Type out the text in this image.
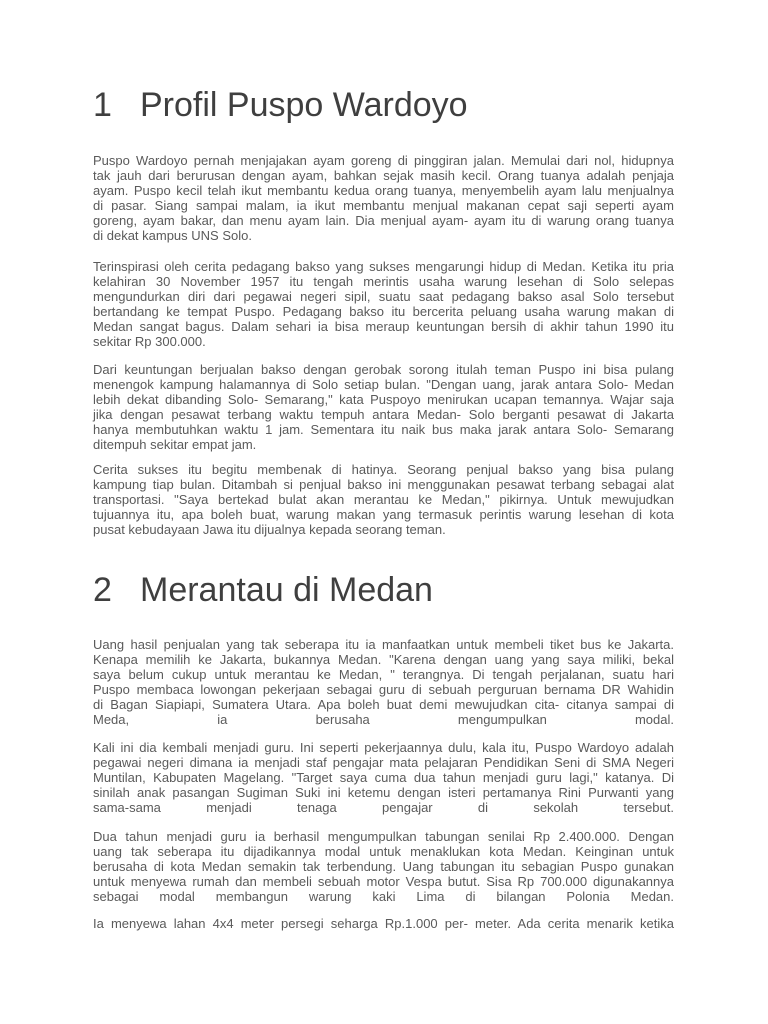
1 Profil Puspo Wardoyo
Puspo Wardoyo pernah menjajakan ayam goreng di pinggiran jalan. Memulai dari nol, hidupnya
tak jauh dari berurusan dengan ayam, bahkan sejak masih kecil. Orang tuanya adalah penjaja
ayam. Puspo kecil telah ikut membantu kedua orang tuanya, menyembelih ayam lalu menjualnya
di pasar. Siang sampai malam, ia ikut membantu menjual makanan cepat saji seperti ayam
goreng, ayam bakar, dan menu ayam lain. Dia menjual ayam- ayam itu di warung orang tuanya
di dekat kampus UNS Solo.
Terinspirasi oleh cerita pedagang bakso yang sukses mengarungi hidup di Medan. Ketika itu pria
kelahiran 30 November 1957 itu tengah merintis usaha warung lesehan di Solo selepas
mengundurkan diri dari pegawai negeri sipil, suatu saat pedagang bakso asal Solo tersebut
bertandang ke tempat Puspo. Pedagang bakso itu bercerita peluang usaha warung makan di
Medan sangat bagus. Dalam sehari ia bisa meraup keuntungan bersih di akhir tahun 1990 itu
sekitar Rp 300.000.
Dari keuntungan berjualan bakso dengan gerobak sorong itulah teman Puspo ini bisa pulang
menengok kampung halamannya di Solo setiap bulan. "Dengan uang, jarak antara Solo- Medan
lebih dekat dibanding Solo- Semarang," kata Puspoyo menirukan ucapan temannya. Wajar saja
jika dengan pesawat terbang waktu tempuh antara Medan- Solo berganti pesawat di Jakarta
hanya membutuhkan waktu 1 jam. Sementara itu naik bus maka jarak antara Solo- Semarang
ditempuh sekitar empat jam.
Cerita sukses itu begitu membenak di hatinya. Seorang penjual bakso yang bisa pulang
kampung tiap bulan. Ditambah si penjual bakso ini menggunakan pesawat terbang sebagai alat
transportasi. "Saya bertekad bulat akan merantau ke Medan," pikirnya. Untuk mewujudkan
tujuannya itu, apa boleh buat, warung makan yang termasuk perintis warung lesehan di kota
pusat kebudayaan Jawa itu dijualnya kepada seorang teman.
2 Merantau di Medan
Uang hasil penjualan yang tak seberapa itu ia manfaatkan untuk membeli tiket bus ke Jakarta.
Kenapa memilih ke Jakarta, bukannya Medan. "Karena dengan uang yang saya miliki, bekal
saya belum cukup untuk merantau ke Medan, " terangnya. Di tengah perjalanan, suatu hari
Puspo membaca lowongan pekerjaan sebagai guru di sebuah perguruan bernama DR Wahidin
di Bagan Siapiapi, Sumatera Utara. Apa boleh buat demi mewujudkan cita- citanya sampai di
Meda, ia berusaha mengumpulkan modal.
Kali ini dia kembali menjadi guru. Ini seperti pekerjaannya dulu, kala itu, Puspo Wardoyo adalah
pegawai negeri dimana ia menjadi staf pengajar mata pelajaran Pendidikan Seni di SMA Negeri
Muntilan, Kabupaten Magelang. "Target saya cuma dua tahun menjadi guru lagi," katanya. Di
sinilah anak pasangan Sugiman Suki ini ketemu dengan isteri pertamanya Rini Purwanti yang
sama-sama menjadi tenaga pengajar di sekolah tersebut.
Dua tahun menjadi guru ia berhasil mengumpulkan tabungan senilai Rp 2.400.000. Dengan
uang tak seberapa itu dijadikannya modal untuk menaklukan kota Medan. Keinginan untuk
berusaha di kota Medan semakin tak terbendung. Uang tabungan itu sebagian Puspo gunakan
untuk menyewa rumah dan membeli sebuah motor Vespa butut. Sisa Rp 700.000 digunakannya
sebagai modal membangun warung kaki Lima di bilangan Polonia Medan.
Ia menyewa lahan 4x4 meter persegi seharga Rp.1.000 per- meter. Ada cerita menarik ketika
